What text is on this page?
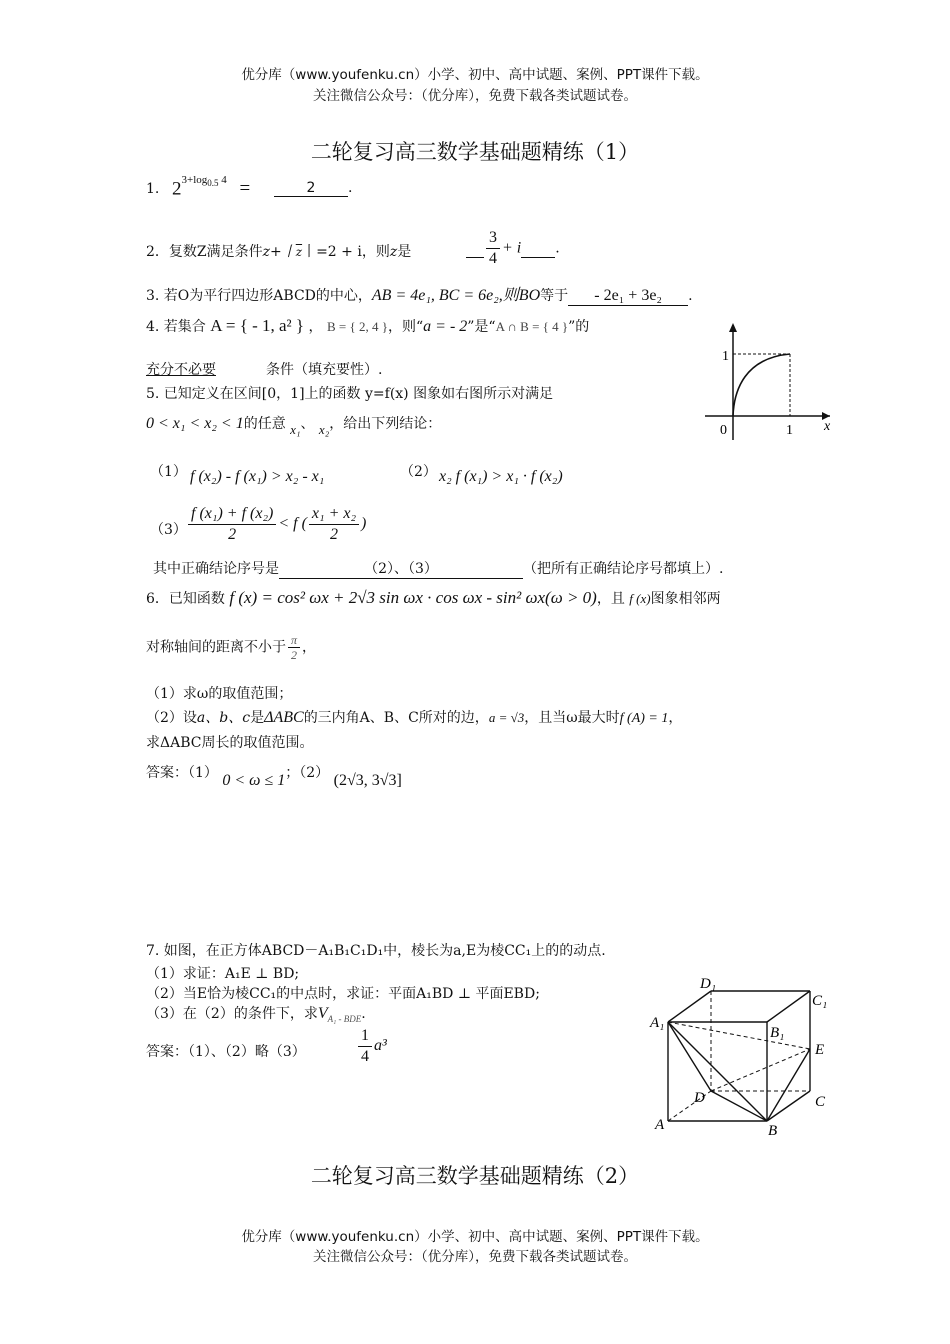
优分库（www.youfenku.cn）小学、初中、高中试题、案例、PPT课件下载。
关注微信公众号：（优分库），免费下载各类试题试卷。
二轮复习高三数学基础题精练（1）
1. $2^{3+log_{0.5} 4}$ =	2 .
2．复数Z满足条件z+丨$\overline{z}$丨=2 + i，则z是
	$\frac{3}{4} + i$ .
3. 若O为平行四边形ABCD的中心，AB = 4e₁, BC = 6e₂,则BO等于 - 2e₁ + 3e₂ .
4. 若集合 A = { - 1, a² } ， B = { 2, 4 }，则“a = - 2”是“A ∩ B = { 4 }”的
充分不必要	条件（填充要性）.
1
0	1 x
5. 已知定义在区间[0，1]上的函数 y=f(x) 图象如右图所示对满足
0 < x₁ < x₂ < 1的任意 x₁、 x₂，给出下列结论：
（1） f (x₂) - f (x₁) > x₂ - x₁	（2） x₂ f (x₁) > x₁ · f (x₂)
$(3) \frac{\text{f (x₁) + f (x₂)}}{2} < f$ ( $\frac{\text{x₁ + x₂}}{2}$ )
其中正确结论序号是	（2）、（3）	（把所有正确结论序号都填上）.
6．已知函数 f (x) = cos² ωx + 2√3 sin ωx · cos ωx - sin² ωx(ω > 0)，且 f (x)图象相邻两
对称轴间的距离不小于 $\frac{\pi}{2}$ ，
（1）求ω的取值范围；
（2）设a、b、c是ΔABC的三内角A、B、C所对的边，a = √3，且当ω最大时f (A) = 1，
求ΔABC周长的取值范围。
答案：（1） 0 < ω ≤ 1；（2） (2√3, 3√3]
7. 如图，在正方体ABCD－A₁B₁C₁D₁中，棱长为a,E为棱CC₁上的的动点.
（1）求证：A₁E ⊥ BD;
（2）当E恰为棱CC₁的中点时，求证：平面A₁BD ⊥ 平面EBD;
（3）在（2）的条件下，求$V_{A_1 - BDE}$.
答案：（1）、（2）略（3）	$\frac{1}{4} a^3$
D₁
C₁
A₁
B₁
E
D	C
A	B
二轮复习高三数学基础题精练（2）
优分库（www.youfenku.cn）小学、初中、高中试题、案例、PPT课件下载。
关注微信公众号：（优分库），免费下载各类试题试卷。
